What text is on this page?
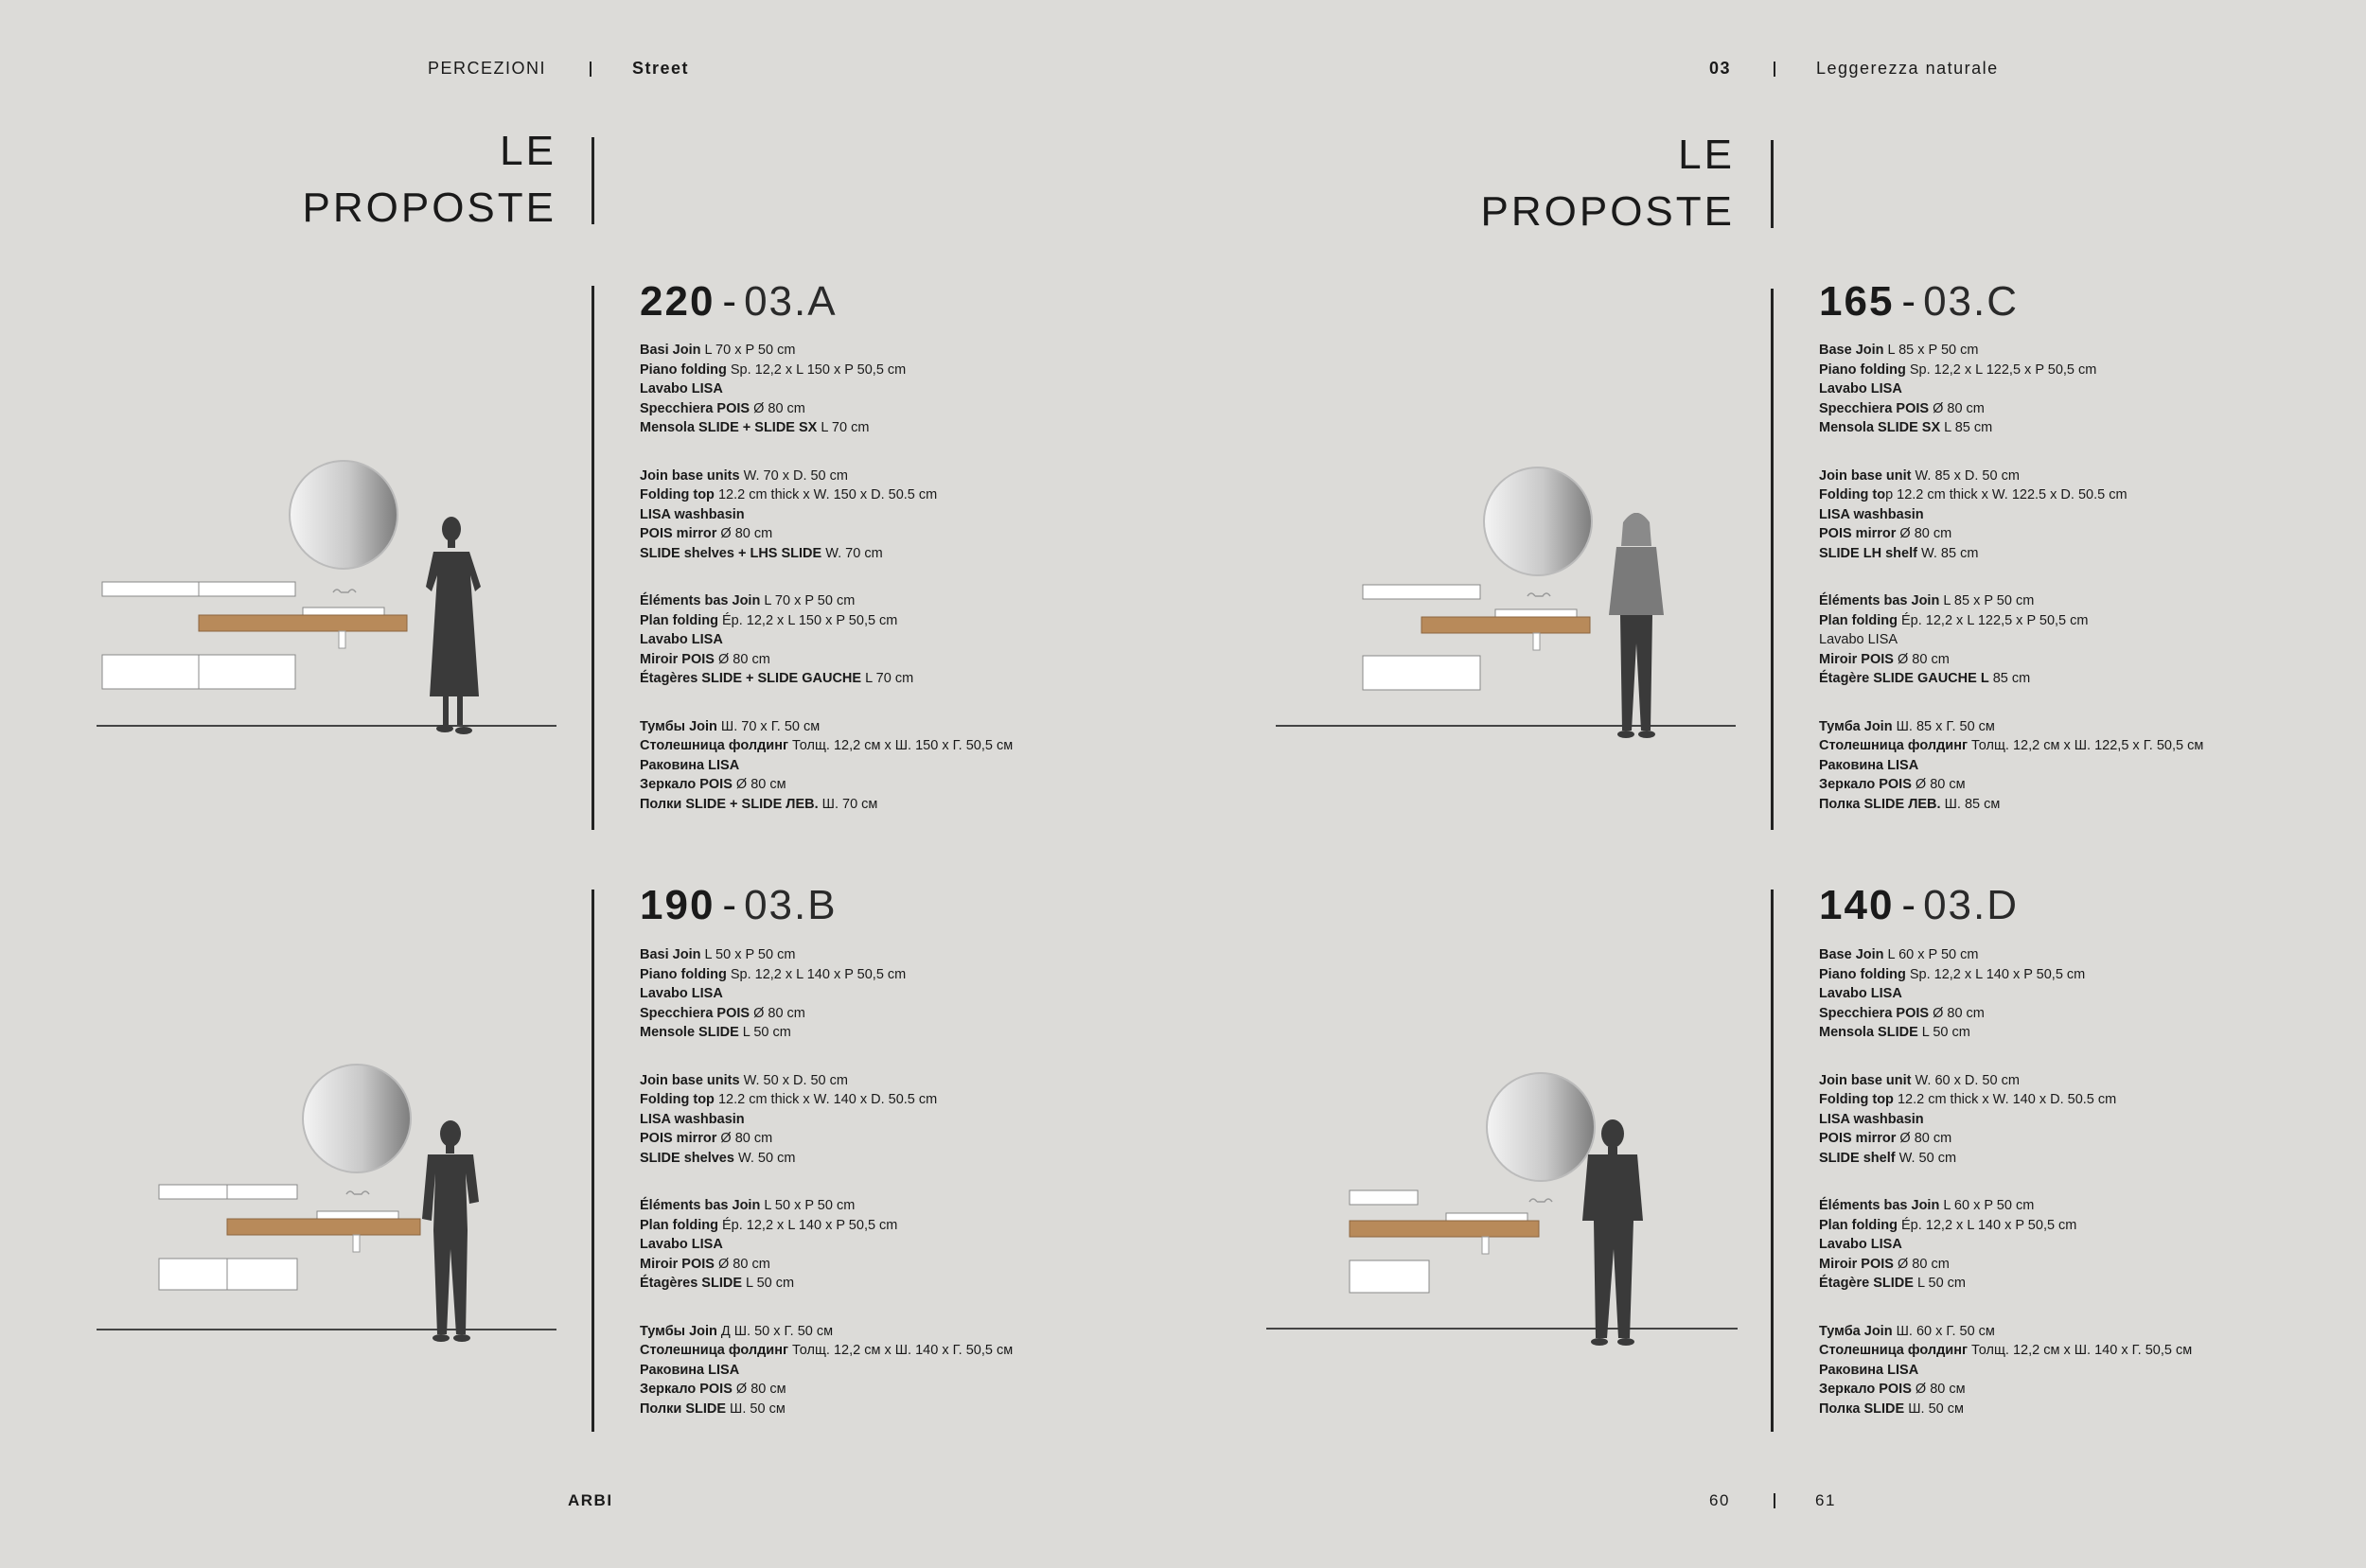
PERCEZIONI	Street	03	Leggerezza naturale
LE
PROPOSTE
LE
PROPOSTE
220 - 03.A
190 - 03.B
165 - 03.C
140 - 03.D
Basi Join L 70 x P 50 cm
Piano folding Sp. 12,2 x L 150 x P 50,5 cm
Lavabo LISA
Specchiera POIS Ø 80 cm
Mensola SLIDE + SLIDE SX L 70 cm
Join base units W. 70 x D. 50 cm
Folding top 12.2 cm thick x W. 150 x D. 50.5 cm
LISA washbasin
POIS mirror Ø 80 cm
SLIDE shelves + LHS SLIDE W. 70 cm
Éléments bas Join L 70 x P 50 cm
Plan folding Ép. 12,2 x L 150 x P 50,5 cm
Lavabo LISA
Miroir POIS Ø 80 cm
Étagères SLIDE + SLIDE GAUCHE L 70 cm
Тумбы Join Ш. 70 х Г. 50 см
Столешница фолдинг Толщ. 12,2 см х Ш. 150 х Г. 50,5 см
Раковина LISA
Зеркало POIS Ø 80 см
Полки SLIDE + SLIDE ЛЕВ. Ш. 70 см
Basi Join L 50 x P 50 cm
Piano folding Sp. 12,2 x L 140 x P 50,5 cm
Lavabo LISA
Specchiera POIS Ø 80 cm
Mensole SLIDE L 50 cm
Join base units W. 50 x D. 50 cm
Folding top 12.2 cm thick x W. 140 x D. 50.5 cm
LISA washbasin
POIS mirror Ø 80 cm
SLIDE shelves W. 50 cm
Éléments bas Join L 50 x P 50 cm
Plan folding Ép. 12,2 x L 140 x P 50,5 cm
Lavabo LISA
Miroir POIS Ø 80 cm
Étagères SLIDE L 50 cm
Тумбы Join Д Ш. 50 х Г. 50 см
Столешница фолдинг Толщ. 12,2 см х Ш. 140 х Г. 50,5 см
Раковина LISA
Зеркало POIS Ø 80 см
Полки SLIDE Ш. 50 см
Base Join L 85 x P 50 cm
Piano folding Sp. 12,2 x L 122,5 x P 50,5 cm
Lavabo LISA
Specchiera POIS Ø 80 cm
Mensola SLIDE SX L 85 cm
Join base unit W. 85 x D. 50 cm
Folding top 12.2 cm thick x W. 122.5 x D. 50.5 cm
LISA washbasin
POIS mirror Ø 80 cm
SLIDE LH shelf W. 85 cm
Éléments bas Join L 85 x P 50 cm
Plan folding Ép. 12,2 x L 122,5 x P 50,5 cm
Lavabo LISA
Miroir POIS Ø 80 cm
Étagère SLIDE GAUCHE L 85 cm
Тумба Join Ш. 85 х Г. 50 см
Столешница фолдинг Толщ. 12,2 см х Ш. 122,5 х Г. 50,5 см
Раковина LISA
Зеркало POIS Ø 80 см
Полка SLIDE ЛЕВ. Ш. 85 см
Base Join L 60 x P 50 cm
Piano folding Sp. 12,2 x L 140 x P 50,5 cm
Lavabo LISA
Specchiera POIS Ø 80 cm
Mensola SLIDE L 50 cm
Join base unit W. 60 x D. 50 cm
Folding top 12.2 cm thick x W. 140 x D. 50.5 cm
LISA washbasin
POIS mirror Ø 80 cm
SLIDE shelf W. 50 cm
Éléments bas Join L 60 x P 50 cm
Plan folding Ép. 12,2 x L 140 x P 50,5 cm
Lavabo LISA
Miroir POIS Ø 80 cm
Étagère SLIDE L 50 cm
Тумба Join Ш. 60 х Г. 50 см
Столешница фолдинг Толщ. 12,2 см х Ш. 140 х Г. 50,5 см
Раковина LISA
Зеркало POIS Ø 80 см
Полка SLIDE Ш. 50 см
ARBI	60	61
